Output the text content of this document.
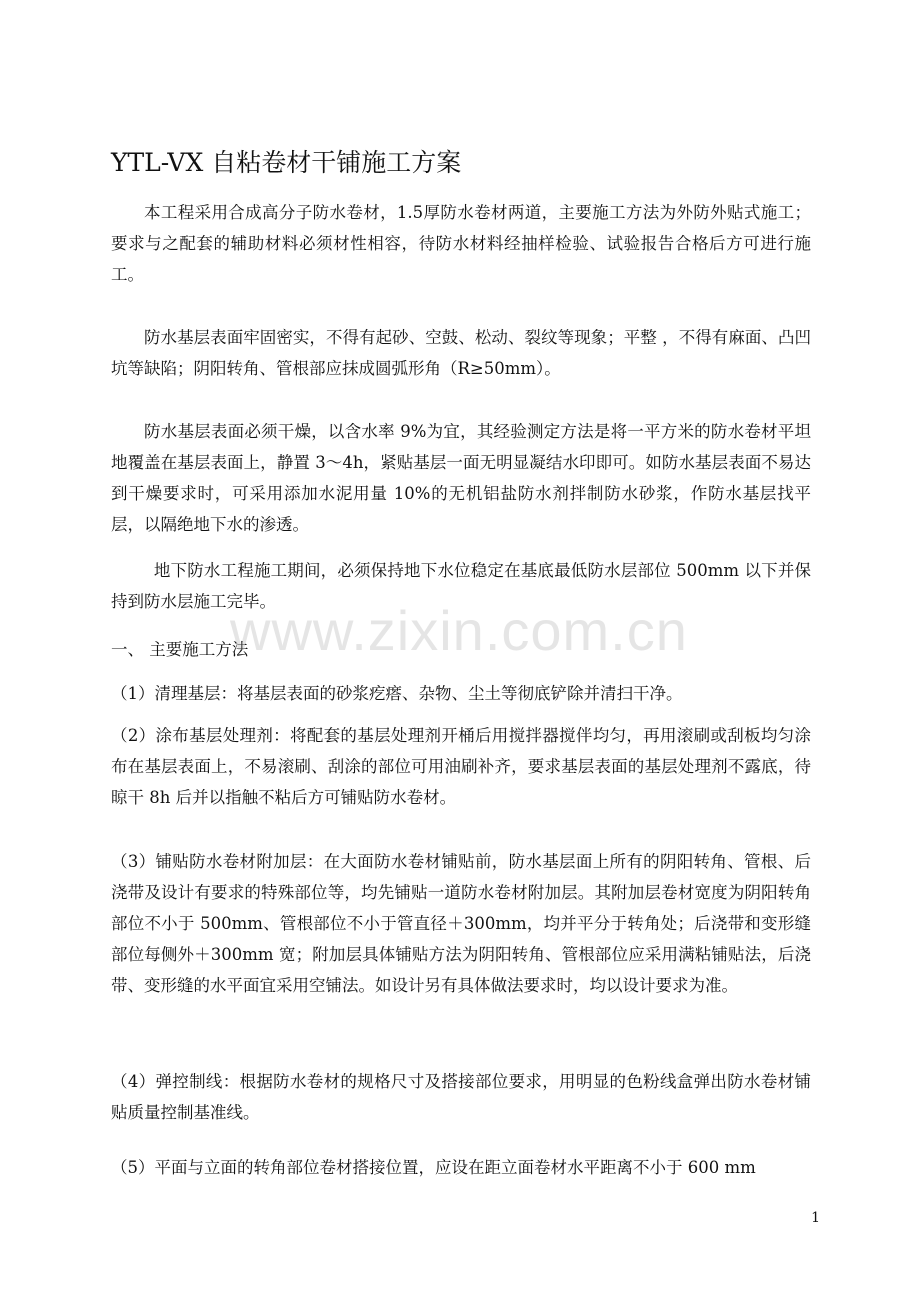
YTL-VX 自粘卷材干铺施工方案

本工程采用合成高分子防水卷材，1.5厚防水卷材两道，主要施工方法为外防外贴式施工；要求与之配套的辅助材料必须材性相容，待防水材料经抽样检验、试验报告合格后方可进行施工。

防水基层表面牢固密实，不得有起砂、空鼓、松动、裂纹等现象；平整 ，不得有麻面、凸凹坑等缺陷；阴阳转角、管根部应抹成圆弧形角（R≥50mm）。

防水基层表面必须干燥，以含水率 9%为宜，其经验测定方法是将一平方米的防水卷材平坦地覆盖在基层表面上，静置 3～4h，紧贴基层一面无明显凝结水印即可。如防水基层表面不易达到干燥要求时，可采用添加水泥用量 10%的无机铝盐防水剂拌制防水砂浆，作防水基层找平层，以隔绝地下水的渗透。

地下防水工程施工期间，必须保持地下水位稳定在基底最低防水层部位 500mm 以下并保持到防水层施工完毕。

一、 主要施工方法

（1）清理基层：将基层表面的砂浆疙瘩、杂物、尘土等彻底铲除并清扫干净。

（2）涂布基层处理剂：将配套的基层处理剂开桶后用搅拌器搅伴均匀，再用滚刷或刮板均匀涂布在基层表面上，不易滚刷、刮涂的部位可用油刷补齐，要求基层表面的基层处理剂不露底，待晾干 8h 后并以指触不粘后方可铺贴防水卷材。

（3）铺贴防水卷材附加层：在大面防水卷材铺贴前，防水基层面上所有的阴阳转角、管根、后浇带及设计有要求的特殊部位等，均先铺贴一道防水卷材附加层。其附加层卷材宽度为阴阳转角部位不小于 500mm、管根部位不小于管直径＋300mm，均并平分于转角处；后浇带和变形缝部位每侧外＋300mm 宽；附加层具体铺贴方法为阴阳转角、管根部位应采用满粘铺贴法，后浇带、变形缝的水平面宜采用空铺法。如设计另有具体做法要求时，均以设计要求为准。

（4）弹控制线：根据防水卷材的规格尺寸及搭接部位要求，用明显的色粉线盒弹出防水卷材铺贴质量控制基准线。

（5）平面与立面的转角部位卷材搭接位置，应设在距立面卷材水平距离不小于 600 mm

www.zixin.com.cn
1
